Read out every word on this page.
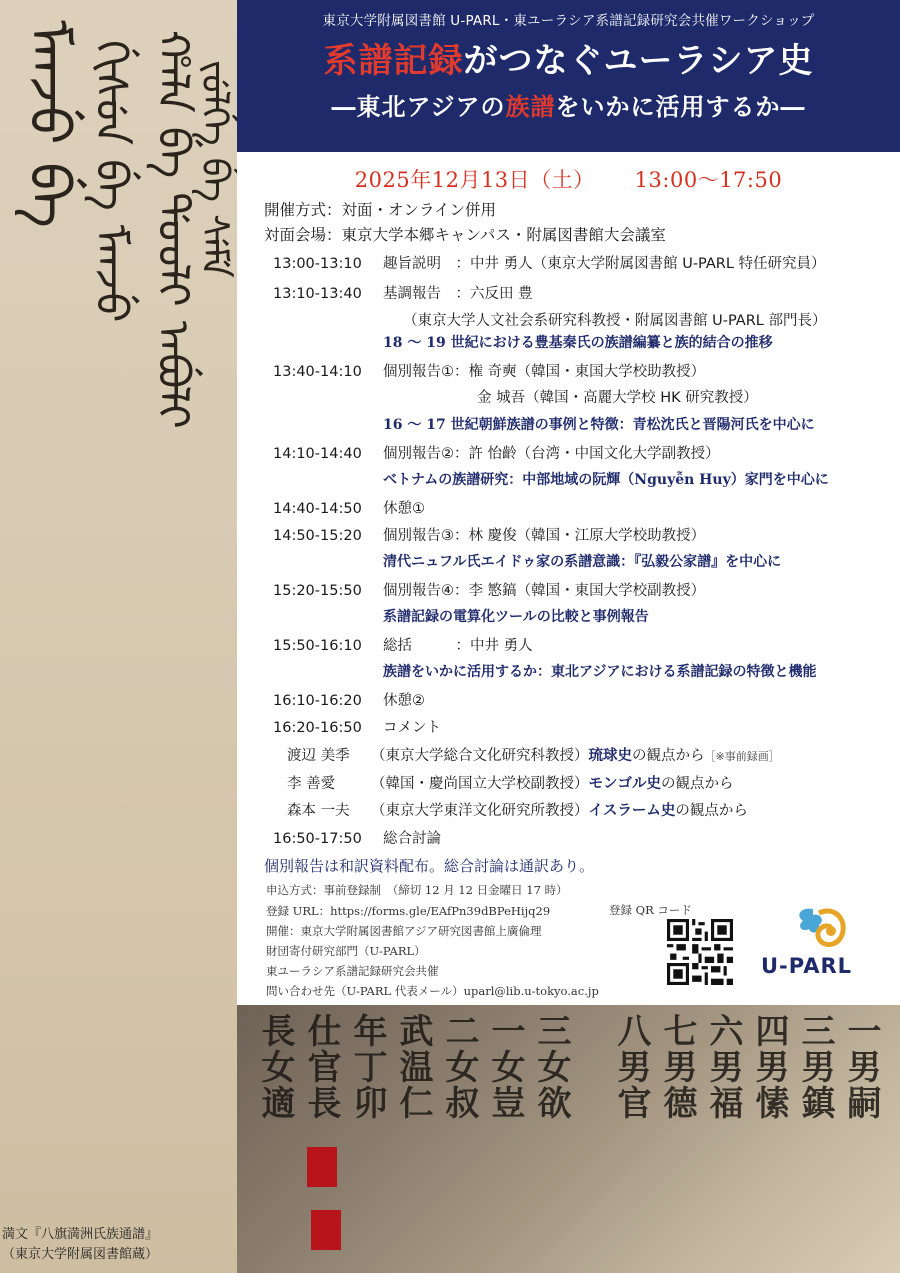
ᠮᠠᠨᠵᡠ ᠪᡝ ᡤᡳᠰᡠᠨ ᠪᡝ ᠮᠠᠨᠵᡠ ᡥᠠᠯᠠ ᠪᡝ ᡩᠣᠣᠯᡳ ᠠᠪᡠᠯᡳ
ᠵᡠᠯᡤᡝ ᠪᡝ ᠰᡝᠮᡝ
満文『八旗満洲氏族通譜』
（東京大学附属図書館蔵）
東京大学附属図書館 U-PARL・東ユーラシア系譜記録研究会共催ワークショップ
系譜記録がつなぐユーラシア史
―東北アジアの族譜をいかに活用するか―
2025年12月13日（土） 13:00～17:50
開催方式：対面・オンライン併用
対面会場：東京大学本郷キャンパス・附属図書館大会議室
13:00-13:10 趣旨説明　：中井 勇人（東京大学附属図書館 U-PARL 特任研究員）
13:10-13:40 基調報告　：六反田 豊
（東京大学人文社会系研究科教授・附属図書館 U-PARL 部門長）
18 ～ 19 世紀における豊基秦氏の族譜編纂と族的結合の推移
13:40-14:10 個別報告①：権 奇奭（韓国・東国大学校助教授）
金 城吾（韓国・高麗大学校 HK 研究教授）
16 ～ 17 世紀朝鮮族譜の事例と特徴：青松沈氏と晋陽河氏を中心に
14:10-14:40 個別報告②：許 怡齡（台湾・中国文化大学副教授）
ベトナムの族譜研究：中部地域の阮輝（Nguyễn Huy）家門を中心に
14:40-14:50 休憩①
14:50-15:20 個別報告③：林 慶俊（韓国・江原大学校助教授）
清代ニュフル氏エイドゥ家の系譜意識：『弘毅公家譜』を中心に
15:20-15:50 個別報告④：李 慜鎬（韓国・東国大学校副教授）
系譜記録の電算化ツールの比較と事例報告
15:50-16:10 総括　　　：中井 勇人
族譜をいかに活用するか：東北アジアにおける系譜記録の特徴と機能
16:10-16:20 休憩②
16:20-16:50 コメント
渡辺 美季 （東京大学総合文化研究科教授）琉球史の観点から［※事前録画］
李 善愛 （韓国・慶尚国立大学校副教授）モンゴル史の観点から
森本 一夫 （東京大学東洋文化研究所教授）イスラーム史の観点から
16:50-17:50 総合討論
個別報告は和訳資料配布。総合討論は通訳あり。
申込方式：事前登録制　（締切 12 月 12 日金曜日 17 時）
登録 URL：https://forms.gle/EAfPn39dBPeHijq29
開催：東京大学附属図書館アジア研究図書館上廣倫理
財団寄付研究部門（U-PARL）
東ユーラシア系譜記録研究会共催
問い合わせ先（U-PARL 代表メール）uparl@lib.u-tokyo.ac.jp
登録 QR コード
U-PARL
長女適 仕官長 年丁卯 武温仁 二女叔 一女豈 三女欲 八男官 七男德 六男福 四男愫 三男鎮 一男嗣
